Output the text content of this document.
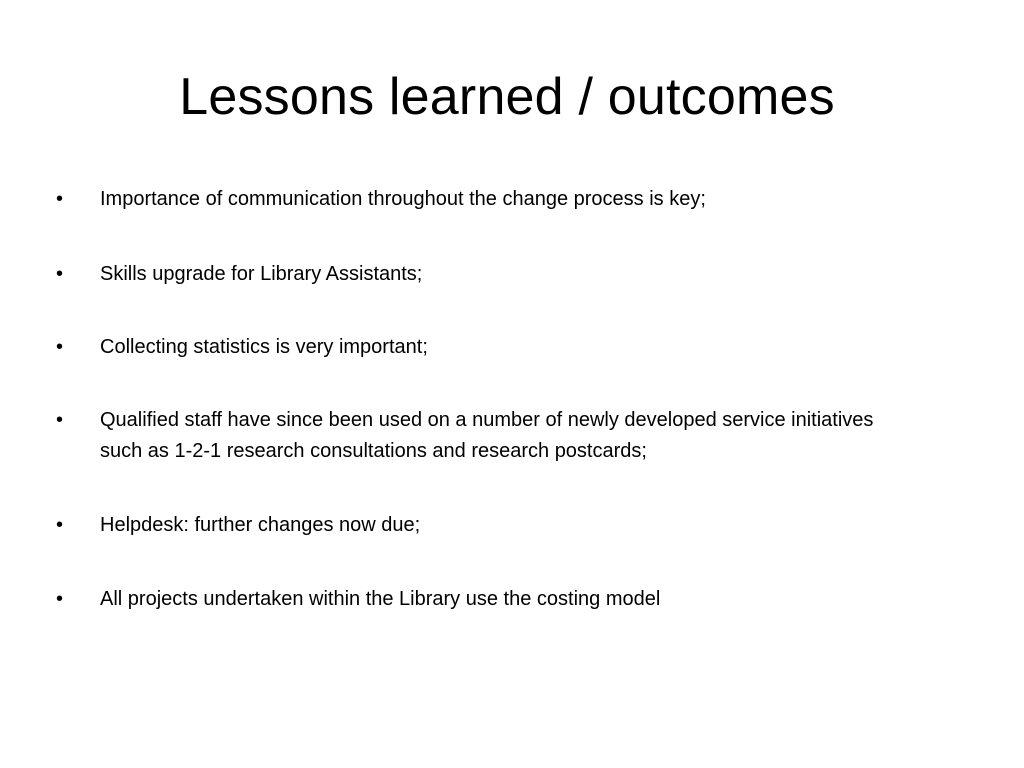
Lessons learned / outcomes
•	Importance of communication throughout the change process is key;
•	Skills upgrade for Library Assistants;
•	Collecting statistics is very important;
•	Qualified staff have since been used on a number of newly developed service initiatives such as 1-2-1 research consultations and research postcards;
•	Helpdesk: further changes now due;
•	All projects undertaken within the Library use the costing model
